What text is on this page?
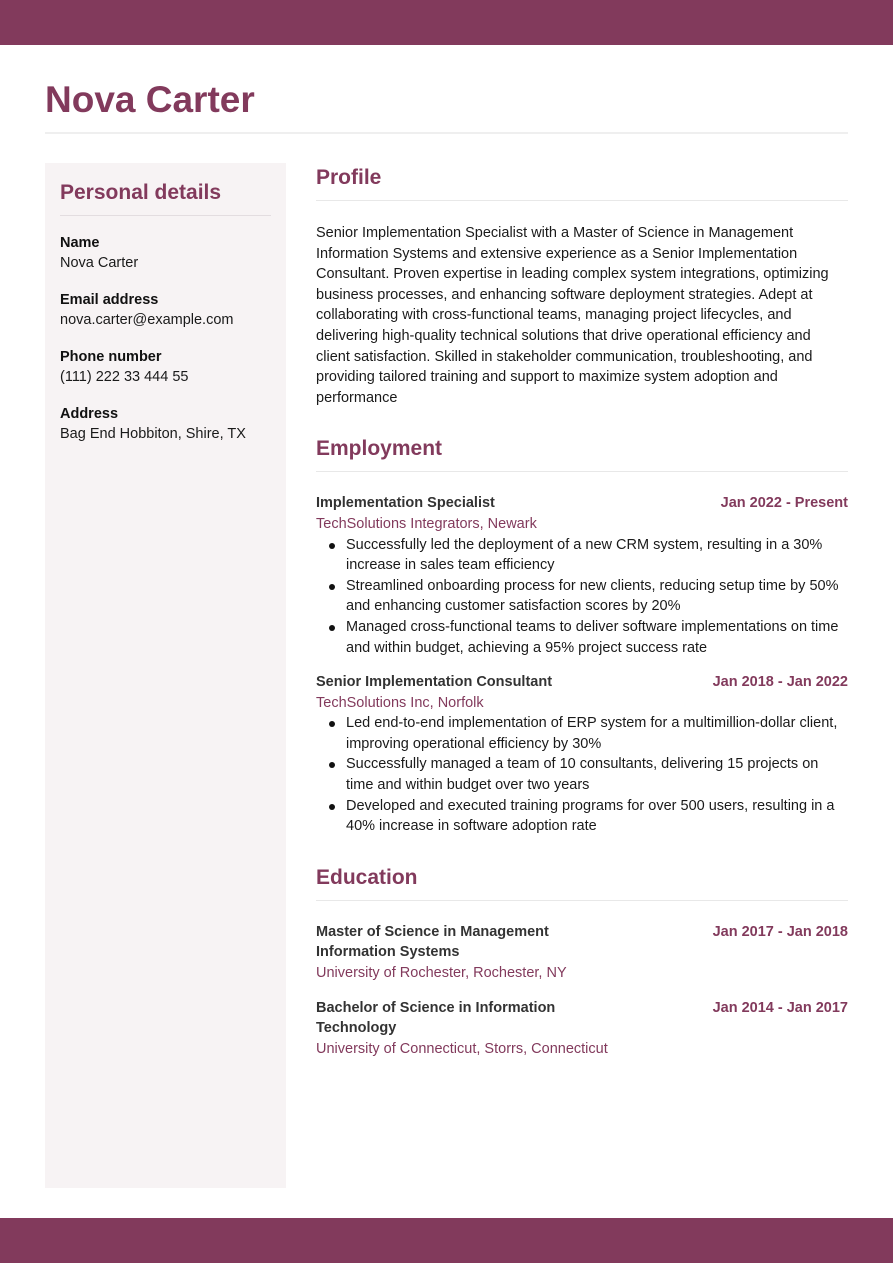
Nova Carter
Personal details
Name
Nova Carter
Email address
nova.carter@example.com
Phone number
(111) 222 33 444 55
Address
Bag End Hobbiton, Shire, TX
Profile

Senior Implementation Specialist with a Master of Science in Management Information Systems and extensive experience as a Senior Implementation Consultant. Proven expertise in leading complex system integrations, optimizing business processes, and enhancing software deployment strategies. Adept at collaborating with cross-functional teams, managing project lifecycles, and delivering high-quality technical solutions that drive operational efficiency and client satisfaction. Skilled in stakeholder communication, troubleshooting, and providing tailored training and support to maximize system adoption and performance

Employment
Implementation Specialist	Jan 2022 - Present
TechSolutions Integrators, Newark
Successfully led the deployment of a new CRM system, resulting in a 30% increase in sales team efficiency
Streamlined onboarding process for new clients, reducing setup time by 50% and enhancing customer satisfaction scores by 20%
Managed cross-functional teams to deliver software implementations on time and within budget, achieving a 95% project success rate
Senior Implementation Consultant	Jan 2018 - Jan 2022
TechSolutions Inc, Norfolk
Led end-to-end implementation of ERP system for a multimillion-dollar client, improving operational efficiency by 30%
Successfully managed a team of 10 consultants, delivering 15 projects on time and within budget over two years
Developed and executed training programs for over 500 users, resulting in a 40% increase in software adoption rate
Education
Master of Science in Management Information Systems
Jan 2017 - Jan 2018
University of Rochester, Rochester, NY
Bachelor of Science in Information Technology
Jan 2014 - Jan 2017
University of Connecticut, Storrs, Connecticut
